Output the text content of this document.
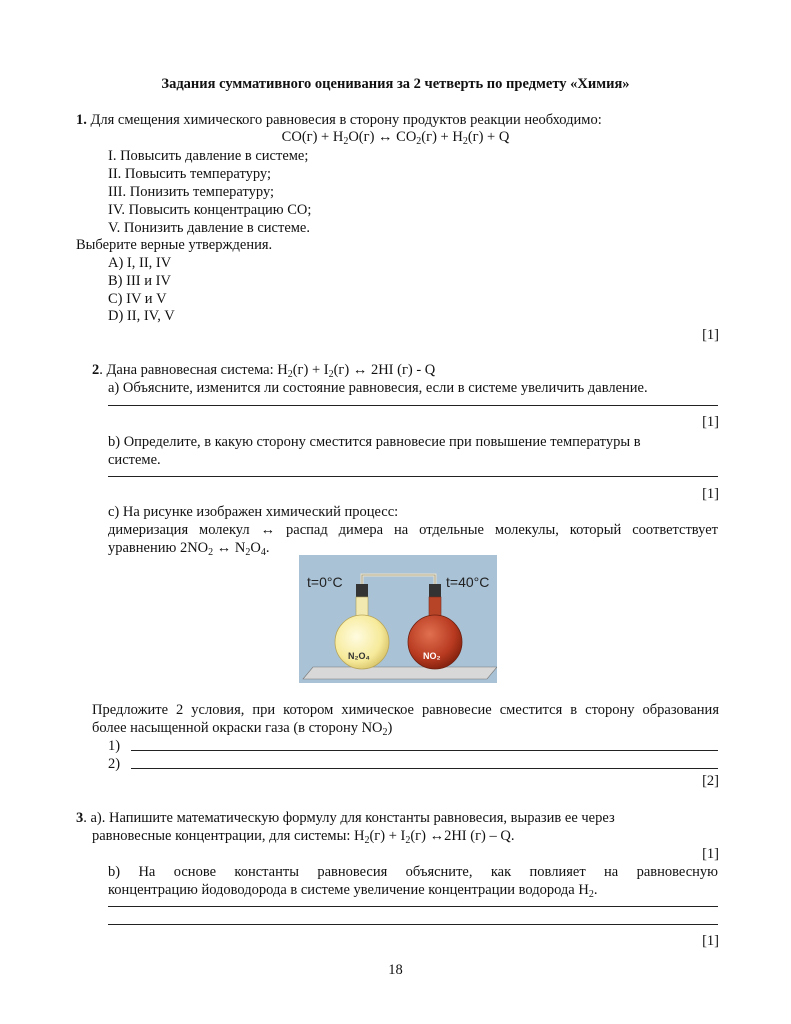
Задания суммативного оценивания за 2 четверть по предмету «Химия»
1. Для смещения химического равновесия в сторону продуктов реакции необходимо:
$CO(г) + H_2O(г)$ ↔ $CO_2(г) + H_2(г) + Q$
I. Повысить давление в системе;
II. Повысить температуру;
III. Понизить температуру;
IV. Повысить концентрацию CO;
V. Понизить давление в системе.
Выберите верные утверждения.
A) I, II, IV
B) III и IV
C) IV и V
D) II, IV, V
[1]
2. Дана равновесная система: $H_2(г) + I_2(г)$ ↔ 2HI (г) - Q
a) Объясните, изменится ли состояние равновесия, если в системе увеличить давление.
[1]
b) Определите, в какую сторону сместится равновесие при повышение температуры в
системе.
[1]
c) На рисунке изображен химический процесс:
димеризация молекул ↔ распад димера на отдельные молекулы, который соответствует
уравнению $2NO_2$ ↔ $N_2O_4$.
t=0°C	t=40°C
N₂O₄	NO₂
Предложите 2 условия, при котором химическое равновесие сместится в сторону образования
более насыщенной окраски газа (в сторону $NO_2$)
1)
2)
[2]
3. a). Напишите математическую формулу для константы равновесия, выразив ее через
равновесные концентрации, для системы: $H_2(г) + I_2(г)$ ↔2HI (г) – Q.
[1]
b) На основе константы равновесия объясните, как повлияет на равновесную
концентрацию йодоводорода в системе увеличение концентрации водорода $H_2$.
[1]
18
